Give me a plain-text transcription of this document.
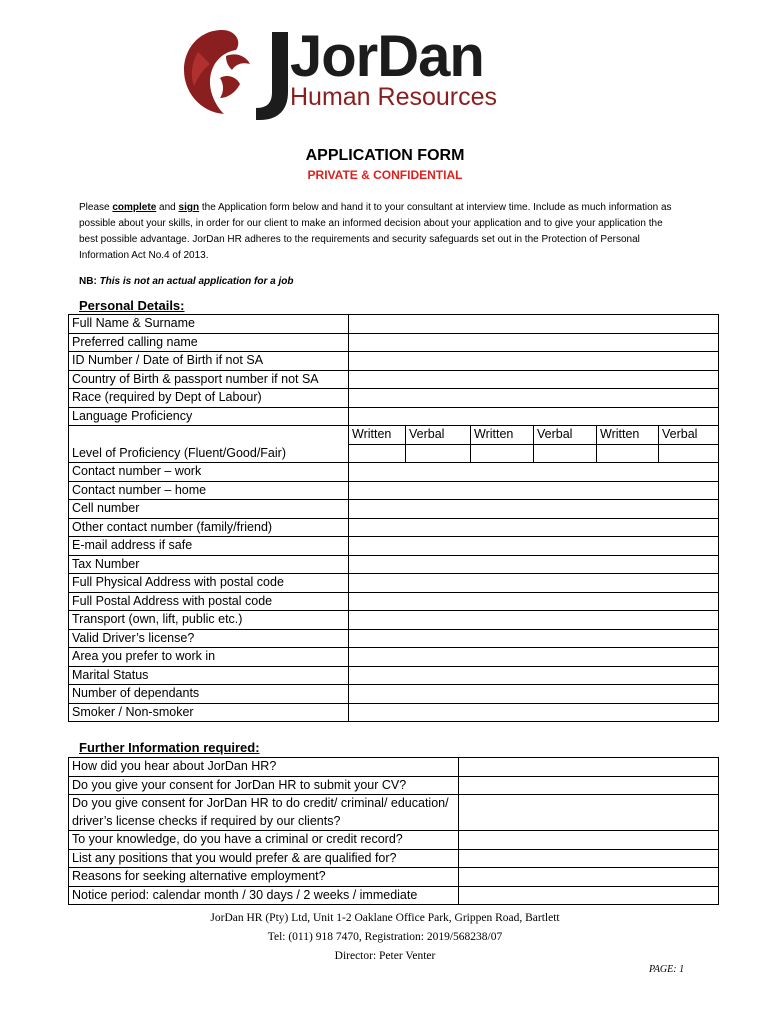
JorDan
Human Resources
APPLICATION FORM
PRIVATE & CONFIDENTIAL
Please complete and sign the Application form below and hand it to your consultant at interview time. Include as much information as possible about your skills, in order for our client to make an informed decision about your application and to give your application the best possible advantage. JorDan HR adheres to the requirements and security safeguards set out in the Protection of Personal Information Act No.4 of 2013.
NB: This is not an actual application for a job
Personal Details:
Full Name & Surname						
Preferred calling name						
ID Number / Date of Birth if not SA						
Country of Birth & passport number if not SA						
Race (required by Dept of Labour)						
Language Proficiency						
Level of Proficiency (Fluent/Good/Fair)	Written	Verbal	Written	Verbal	Written	Verbal

Contact number – work						
Contact number – home						
Cell number						
Other contact number (family/friend)						
E-mail address if safe						
Tax Number						
Full Physical Address with postal code						
Full Postal Address with postal code						
Transport (own, lift, public etc.)						
Valid Driver’s license?						
Area you prefer to work in						
Marital Status						
Number of dependants						
Smoker / Non-smoker						
Further Information required:
How did you hear about JorDan HR?	
Do you give your consent for JorDan HR to submit your CV?	
Do you give consent for JorDan HR to do credit/ criminal/ education/ driver’s license checks if required by our clients?	
To your knowledge, do you have a criminal or credit record?	
List any positions that you would prefer & are qualified for?	
Reasons for seeking alternative employment?	
Notice period: calendar month / 30 days / 2 weeks / immediate	
JorDan HR (Pty) Ltd, Unit 1-2 Oaklane Office Park, Grippen Road, Bartlett
Tel: (011) 918 7470, Registration: 2019/568238/07
Director: Peter Venter
PAGE: 1
